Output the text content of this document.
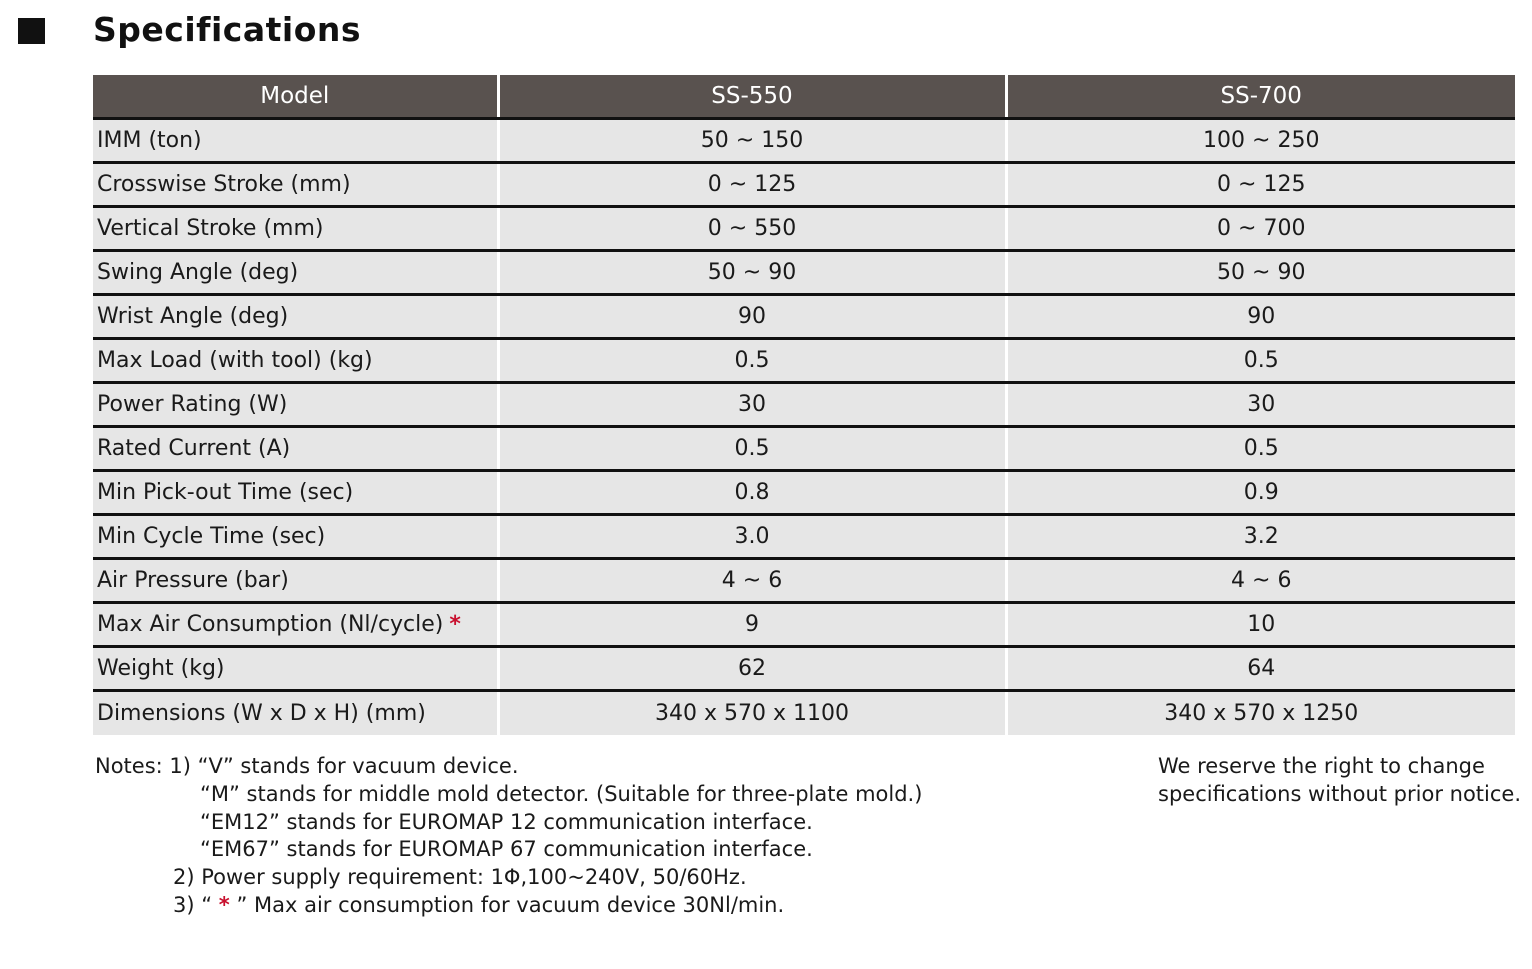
Specifications
Model	SS-550	SS-700
IMM (ton)	50 ~ 150	100 ~ 250
Crosswise Stroke (mm)	0 ~ 125	0 ~ 125
Vertical Stroke (mm)	0 ~ 550	0 ~ 700
Swing Angle (deg)	50 ~ 90	50 ~ 90
Wrist Angle (deg)	90	90
Max Load (with tool) (kg)	0.5	0.5
Power Rating (W)	30	30
Rated Current (A)	0.5	0.5
Min Pick-out Time (sec)	0.8	0.9
Min Cycle Time (sec)	3.0	3.2
Air Pressure (bar)	4 ~ 6	4 ~ 6
Max Air Consumption (Nl/cycle) *	9	10
Weight (kg)	62	64
Dimensions (W x D x H) (mm)	340 x 570 x 1100	340 x 570 x 1250
Notes: 1) “V” stands for vacuum device.
“M” stands for middle mold detector. (Suitable for three-plate mold.)
“EM12” stands for EUROMAP 12 communication interface.
“EM67” stands for EUROMAP 67 communication interface.
2) Power supply requirement: 1Φ,100~240V, 50/60Hz.
3) “ * ” Max air consumption for vacuum device 30Nl/min.
We reserve the right to change
specifications without prior notice.
